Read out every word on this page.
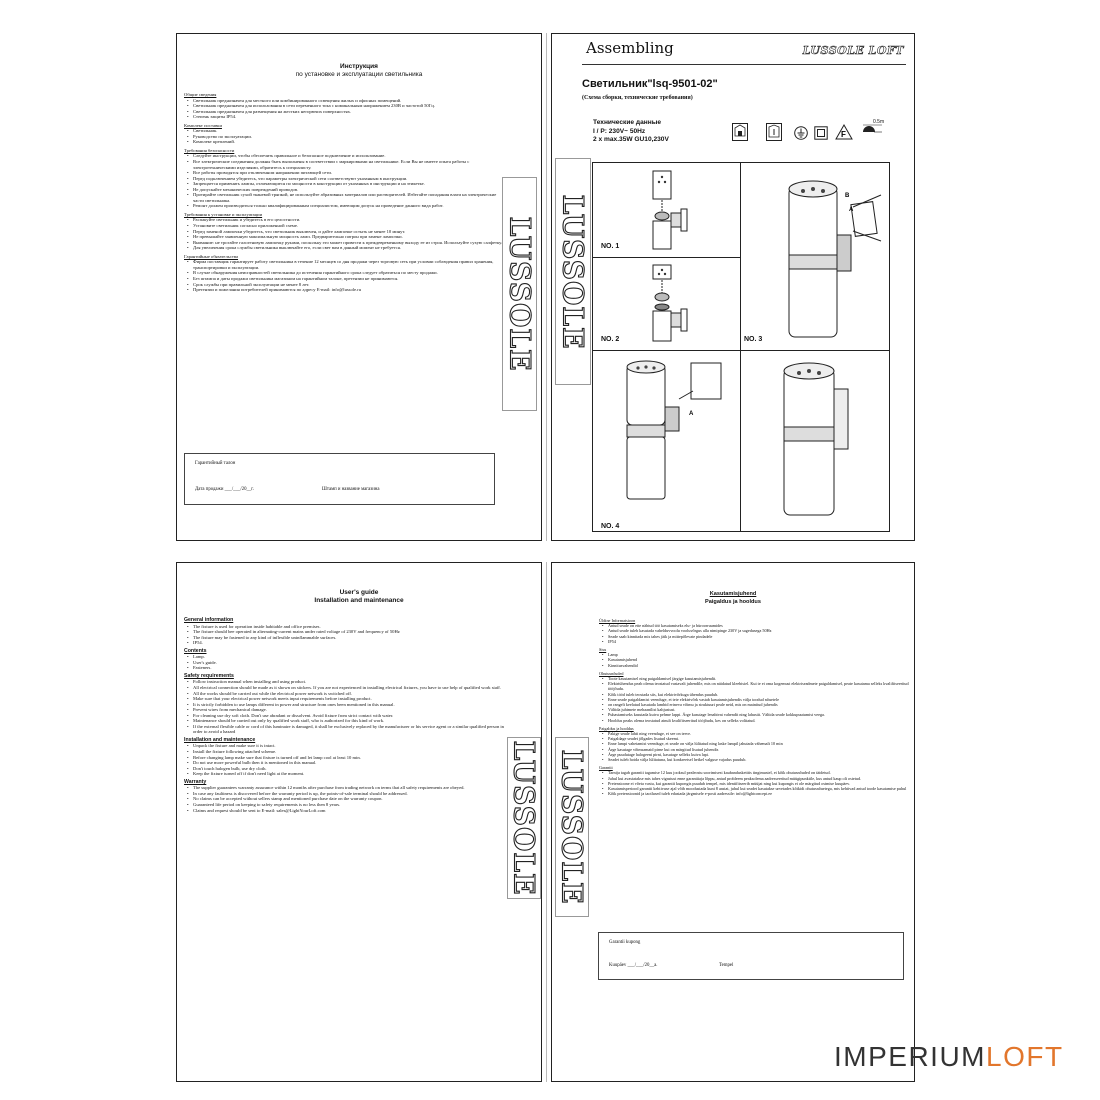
Инструкция

по установке и эксплуатации светильника

Общие сведения
• Светильник предназначен для местного или комбинированного освещения жилых и офисных помещений.
• Светильник предназначен для использования в сети переменного тока с номинальным напряжением 230В и частотой 50Гц.
• Светильник предназначен для размещения на жестких негорючих поверхностях.
• Степень защиты IP54.
Комплект поставки
• Светильник.
• Руководство по эксплуатации.
• Комплект креплений.
Требования безопасности
• Следуйте инструкции, чтобы обеспечить правильное и безопасное подключение и использование.
• Все электрические соединения должны быть выполнены в соответствии с маркировками на светильнике. Если Вы не имеете опыта работы с электротехническими изделиями, обратитесь к специалисту.
• Все работы проводятся при отключенном напряжении питающей сети.
• Перед подключением убедитесь, что параметры электрической сети соответствуют указанным в инструкции.
• Запрещается применять лампы, отличающиеся по мощности в конструкции от указанных в инструкции и на этикетке.
• Не допускайте механических повреждений проводов.
• Протирайте светильник сухой тканевой тряпкой, не используйте абразивных материалов или растворителей. Избегайте попадания влаги на электрические части светильника.
• Ремонт должен производиться только квалифицированным специалистом, имеющим допуск на проведение данного вида работ.
Требования к установке и эксплуатации
• Распакуйте светильник и убедитесь в его целостности.
• Установите светильник согласно приложенной схеме.
• Перед заменой лампочки убедитесь, что светильник выключен, и дайте лампочке остыть не менее 10 минут.
• Не превышайте заявленную максимальную мощность ламп. Предварительно патрон при замене лампочки.
• Внимание: не трогайте галогеновую лампочку руками, поскольку это может привести к преждевременному выходу ее из строя. Используйте сухую салфетку.
• Для увеличения срока службы светильника выключайте его, если свет вам в данный момент не требуется.
Гарантийные обязательства
• Фирма поставщик гарантирует работу светильника в течение 12 месяцев со дня продажи через торговую сеть при условии соблюдения правил хранения, транспортировки и эксплуатации.
• В случае обнаружения неисправностей светильника до истечения гарантийного срока следует обратиться по месту продажи.
• Без штампа и даты продажи светильника магазином на гарантийном талоне, претензии не принимаются.
• Срок службы при правильной эксплуатации не менее 8 лет.
• Претензии и пожелания потребителей принимаются по адресу E-mail: info@lussole.ru	LUSSOLE
Гарантийный талон
Дата продажи ___/___/20__г.	Штамп и название магазина
LUSSOLE
Assembling	LUSSOLE LOFT
Светильник"lsq-9501-02"
(Схема сборки, технические требования)
Технические данные
I / P: 230V~ 50Hz
2 x max.35W GU10,230V
F
0.5m
NO. 1
NO. 2
B
A
NO. 3
A
NO. 4

User's guide

Installation and maintenance

General information
• The fixture is used for operation inside habitable and office premises.
• The fixture should bee operated in alternating-current mains under rated voltage of 230V and frequency of 50Hz
• The fixture may be fastened to any kind of inflexible uninflammable surfaces.
• IP54.
Contents
• Lamp.
• User's guide.
• Fasteners.
Safety requirements
• Follow instruction manual when installing and using product.
• All electrical connection should be made as it shown on stickers. If you are not experienced in installing electrical fixtures, you have to use help of qualified work staff.
• All the works should be carried out while the electrical power network is switched off.
• Make sure that your electrical power network meets input requirements before installing product.
• It is strictly forbidden to use lamps different in power and structure from ones been mentioned in this manual.
• Prevent wires from mechanical damage.
• For cleaning use dry soft cloth. Don't use abradant or dissolvent. Avoid fixture from strict contact with water.
• Maintenance should be carried out only by qualified work staff, who is authorized for this kind of work.
• If the external flexible cable or cord of this luminaire is damaged, it shall be exclusively replaced by the manufacturer or his service agent or a similar qualified person in order to avoid a hazard
Installation and maintenance
• Unpack the fixture and make sure it is intact.
• Install the fixture following attached scheme.
• Before changing lamp make sure that fixture is turned off and let lamp cool at least 10 min.
• Do not use more powerful bulb then it is mentioned in this manual.
• Don't touch halogen bulb, use dry cloth.
• Keep the fixture turned off if don't need light at the moment.
Warranty
• The supplier guarantees warranty assurance within 12 months after purchase from trading network on terms that all safety requirements are obeyed.
• In case any faultiness is discovered before the warranty period is up, the points-of-sale terminal should be addressed.
• No claims can be accepted without sellers stamp and mentioned purchase date on the warranty coupon.
• Guaranteed life period on keeping to safety requirements is no less then 8 years.
• Claims and request should be sent to E-mail: sales@LightYourLoft.com	LUSSOLE LUSSOLE

Kasutamisjuhend

Paigaldus ja hooldus

Üldine Informatsioon
• Antud seade on ette nähtud töö kasutamiseks elu- ja büroorruumides
• Antud seade tuleb kasutada vahelduvvoolu vooluvõrgus alla nimipinge 230V ja sagedusega 50Hz
• Seade saab kinnitada mis tahes jäik ja mittepõlevate pindadele
• IP54
Sisu
• Lamp
• Kasutamisjuhend
• Kinnitusvahendid
Ohutusnõuded
• Toote kasutamisel ning paigaldamisel järgige kasutamisjuhendit.
• Elektriühendus peab olema teostatud vastavalt juhendile, mis on näidatud kleebisiel. Kui te ei oma kogemust elektriseadmete paigaldamisel, peate kasutama selleks kvalifitseeritud tööjõudu.
• Kõik tööd tuleb teostada siis, kui elektrivõrkuga ühendus puudub.
• Enne seade paigaldamist veenduge, et teie elektrivõrk vastab kasutamisjuhendis välja toodud nõuetele
• on rangelt keelatud kasutada lambid erineva võimu ja struktuuri peale neid, mis on mainitud juhendis
• Vältida juhtmete mehaanilist kahjustust.
• Puhastamiseks kasutada kuiva pehme lappi. Ärge kasutage lenabivat vahendit ning lahustit. Vältida seade kokkupuutumist veega.
• Hooldus peaks olema teostatud ainult kvalifitseeritud tööjõudu, kes on selleks volitatud.
Paigaldus ja hooldus
• Pakige seade lahti ning veenduge, et see on terve.
• Paigaldage seadet jõlgades lisatud skeemi.
• Enne lampi vahetamist veenduge, et seade on välja lülitatud ning laske lampil jahutada vähemalt 10 min
• Ärge kasutage võimsamaid pirne kui on märgitud lisatud juhendis
• Ärge puudutage halogeeni pirni, kasutage selleks kuiva lapi.
• Seadet tuleb hoida välja lülitatuna, kui konkreetsel hetkel valguse vajadus puudub.
Garantii
• Tarnija tagab garantii tagamise 12 kuu jooksul pealeostu soorimisest kaubandusketttis tingimustel, et kõik ohutusnõuded on täidetud.
• Juhul kui avastatakse mis tahes vigastust enne garantiiaja lõppu, antud probleem peaksolema aadresseeritud müügipunktile, kus antud kaup oli ostetud.
• Pretensioone ei võeta vastu, kui garantii kupongis puudub tempel, mis identifitseerib müüjat ning kui kupongis ei ole märgitud ostmise kuupäev.
• Kasutamisperiood garantii kehtivuse ajal võib moodustada kuni 8 aastat, juhul kui seadet kasutakse urvetades kõikidi ohutusnõuetega, mis kehtivad antud toode kasutamise puhul
• Kõik pretensioonid ja taotlused tuleb edastada järgmisele e-posti aadressile: info@lightconcept.ee
Garantii kupong
Kuupäev ___/___/20__a.	Tempel
IMPERIUMLOFT
